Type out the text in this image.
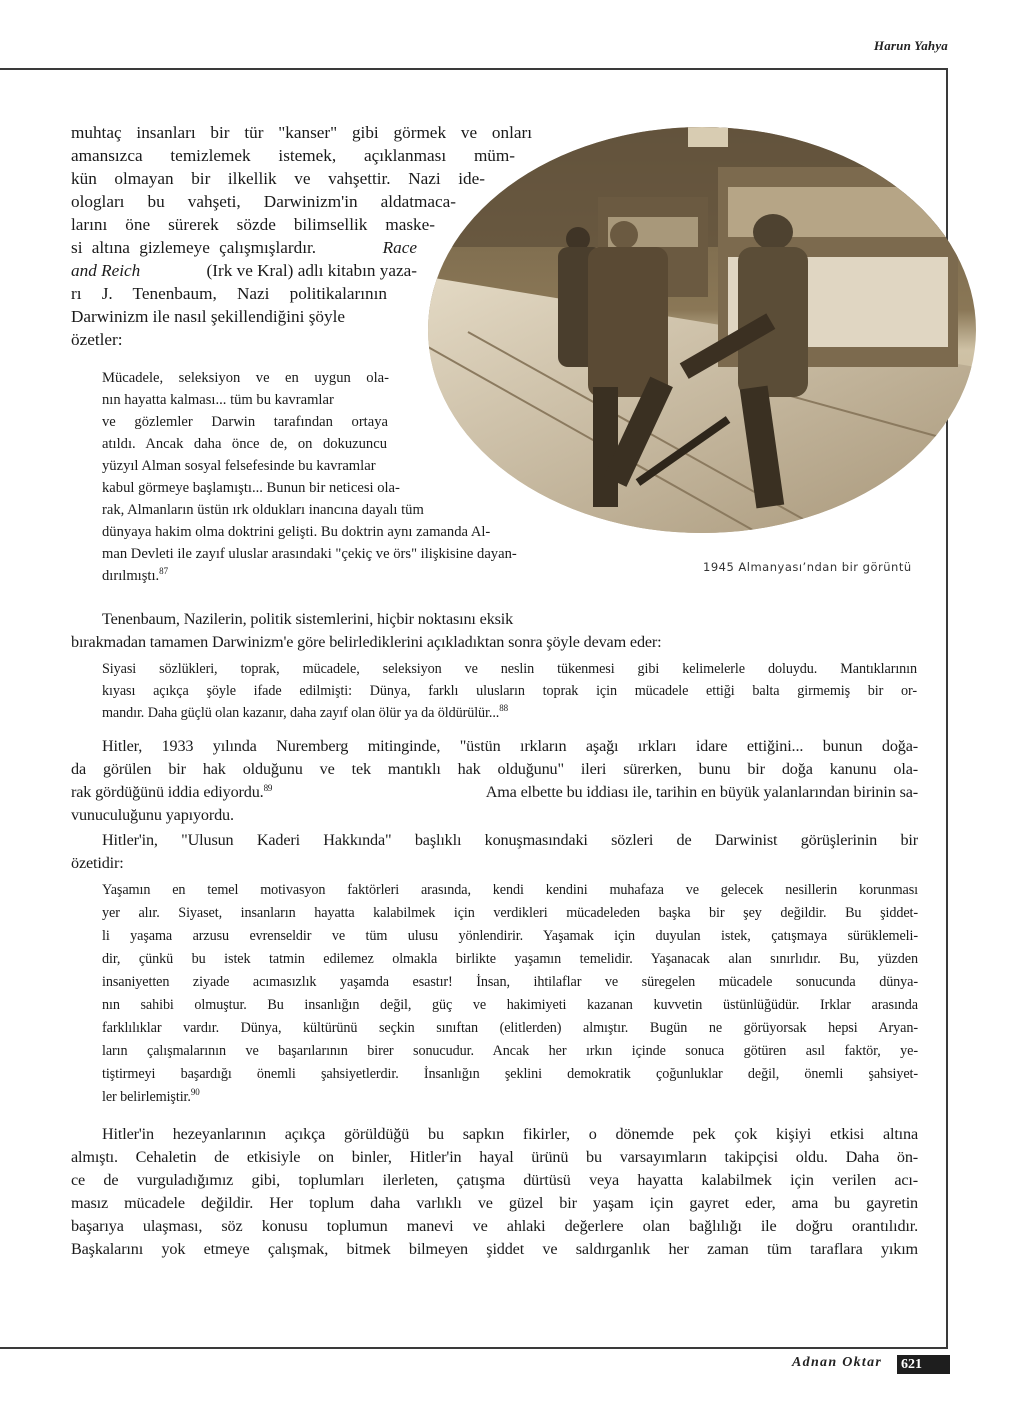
Harun Yahya
1945 Almanyası’ndan bir görüntü
muhtaç insanları bir tür "kanser" gibi görmek ve onları
amansızca temizlemek istemek, açıklanması müm-
kün olmayan bir ilkellik ve vahşettir. Nazi ide-
ologları bu vahşeti, Darwinizm'in aldatmaca-
larını öne sürerek sözde bilimsellik maske-
si altına gizlemeye çalışmışlardır.	Race
and Reich	(Irk ve Kral) adlı kitabın yaza-
rı J. Tenenbaum, Nazi politikalarının
Darwinizm ile nasıl şekillendiğini şöyle
özetler:
Mücadele, seleksiyon ve en uygun ola-
nın hayatta kalması... tüm bu kavramlar
ve gözlemler Darwin tarafından ortaya
atıldı. Ancak daha önce de, on dokuzuncu
yüzyıl Alman sosyal felsefesinde bu kavramlar
kabul görmeye başlamıştı... Bunun bir neticesi ola-
rak, Almanların üstün ırk oldukları inancına dayalı tüm
dünyaya hakim olma doktrini gelişti. Bu doktrin aynı zamanda Al-
man Devleti ile zayıf uluslar arasındaki "çekiç ve örs" ilişkisine dayan-
dırılmıştı.$^{87}$
Tenenbaum, Nazilerin, politik sistemlerini, hiçbir noktasını eksik
bırakmadan tamamen Darwinizm'e göre belirlediklerini açıkladıktan sonra şöyle devam eder:
Siyasi sözlükleri, toprak, mücadele, seleksiyon ve neslin tükenmesi gibi kelimelerle doluydu. Mantıklarının
kıyası açıkça şöyle ifade edilmişti: Dünya, farklı ulusların toprak için mücadele ettiği balta girmemiş bir or-
mandır. Daha güçlü olan kazanır, daha zayıf olan ölür ya da öldürülür...$^{88}$
Hitler, 1933 yılında Nuremberg mitinginde, "üstün ırkların aşağı ırkları idare ettiğini... bunun doğa-
da görülen bir hak olduğunu ve tek mantıklı hak olduğunu" ileri sürerken, bunu bir doğa kanunu ola-
rak gördüğünü iddia ediyordu.$^{89}$	Ama elbette bu iddiası ile, tarihin en büyük yalanlarından birinin sa-
vunuculuğunu yapıyordu.
Hitler'in, "Ulusun Kaderi Hakkında" başlıklı konuşmasındaki sözleri de Darwinist görüşlerinin bir
özetidir:
Yaşamın en temel motivasyon faktörleri arasında, kendi kendini muhafaza ve gelecek nesillerin korunması
yer alır. Siyaset, insanların hayatta kalabilmek için verdikleri mücadeleden başka bir şey değildir. Bu şiddet-
li yaşama arzusu evrenseldir ve tüm ulusu yönlendirir. Yaşamak için duyulan istek, çatışmaya sürüklemeli-
dir, çünkü bu istek tatmin edilemez olmakla birlikte yaşamın temelidir. Yaşanacak alan sınırlıdır. Bu, yüzden
insaniyetten ziyade acımasızlık yaşamda esastır! İnsan, ihtilaflar ve süregelen mücadele sonucunda dünya-
nın sahibi olmuştur. Bu insanlığın değil, güç ve hakimiyeti kazanan kuvvetin üstünlüğüdür. Irklar arasında
farklılıklar vardır. Dünya, kültürünü seçkin sınıftan (elitlerden) almıştır. Bugün ne görüyorsak hepsi Aryan-
ların çalışmalarının ve başarılarının birer sonucudur. Ancak her ırkın içinde sonuca götüren asıl faktör, ye-
tiştirmeyi başardığı önemli şahsiyetlerdir. İnsanlığın şeklini demokratik çoğunluklar değil, önemli şahsiyet-
ler belirlemiştir.$^{90}$
Hitler'in hezeyanlarının açıkça görüldüğü bu sapkın fikirler, o dönemde pek çok kişiyi etkisi altına
almıştı. Cehaletin de etkisiyle on binler, Hitler'in hayal ürünü bu varsayımların takipçisi oldu. Daha ön-
ce de vurguladığımız gibi, toplumları ilerleten, çatışma dürtüsü veya hayatta kalabilmek için verilen acı-
masız mücadele değildir. Her toplum daha varlıklı ve güzel bir yaşam için gayret eder, ama bu gayretin
başarıya ulaşması, söz konusu toplumun manevi ve ahlaki değerlere olan bağlılığı ile doğru orantılıdır.
Başkalarını yok etmeye çalışmak, bitmek bilmeyen şiddet ve saldırganlık her zaman tüm taraflara yıkım
Adnan Oktar 621
